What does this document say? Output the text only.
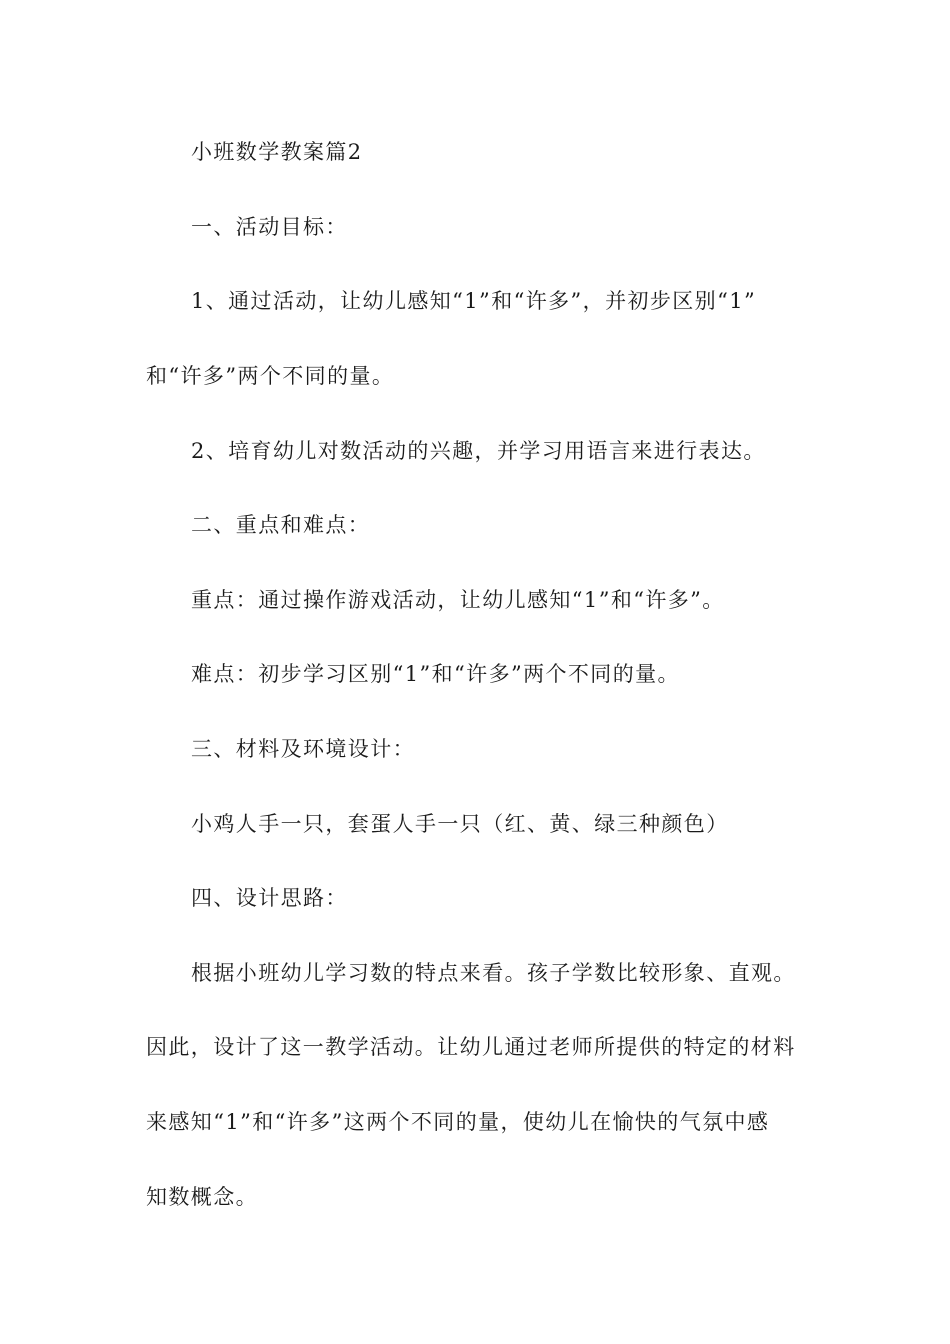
小班数学教案篇2
一、活动目标：
1、通过活动，让幼儿感知“1”和“许多”，并初步区别“1”
和“许多”两个不同的量。
2、培育幼儿对数活动的兴趣，并学习用语言来进行表达。
二、重点和难点：
重点：通过操作游戏活动，让幼儿感知“1”和“许多”。
难点：初步学习区别“1”和“许多”两个不同的量。
三、材料及环境设计：
小鸡人手一只，套蛋人手一只（红、黄、绿三种颜色）
四、设计思路：
根据小班幼儿学习数的特点来看。孩子学数比较形象、直观。
因此，设计了这一教学活动。让幼儿通过老师所提供的特定的材料
来感知“1”和“许多”这两个不同的量，使幼儿在愉快的气氛中感
知数概念。
